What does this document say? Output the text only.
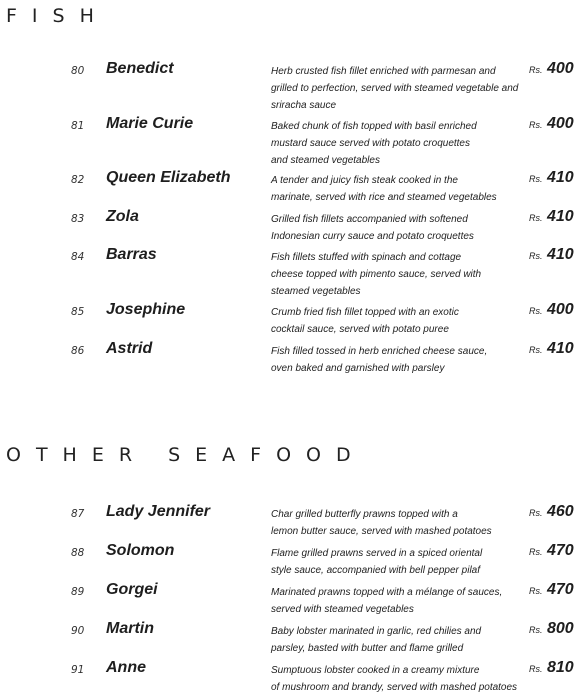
FISH
80 Benedict	Herb crusted fish fillet enriched with parmesan and
grilled to perfection, served with steamed vegetable and
sriracha sauce
Rs. 400
81 Marie Curie	Baked chunk of fish topped with basil enriched
mustard sauce served with potato croquettes
and steamed vegetables
Rs. 400
82 Queen Elizabeth	A tender and juicy fish steak cooked in the
marinate, served with rice and steamed vegetables
Rs. 410
83 Zola	Grilled fish fillets accompanied with softened
Indonesian curry sauce and potato croquettes
Rs. 410
84 Barras	Fish fillets stuffed with spinach and cottage
cheese topped with pimento sauce, served with
steamed vegetables
Rs. 410
85 Josephine	Crumb fried fish fillet topped with an exotic
cocktail sauce, served with potato puree
Rs. 400
86 Astrid	Fish filled tossed in herb enriched cheese sauce,
oven baked and garnished with parsley
Rs. 410
OTHER SEAFOOD
87 Lady Jennifer	Char grilled butterfly prawns topped with a
lemon butter sauce, served with mashed potatoes
Rs. 460
88 Solomon	Flame grilled prawns served in a spiced oriental
style sauce, accompanied with bell pepper pilaf
Rs. 470
89 Gorgei	Marinated prawns topped with a mélange of sauces,
served with steamed vegetables
Rs. 470
90 Martin	Baby lobster marinated in garlic, red chilies and
parsley, basted with butter and flame grilled
Rs. 800
91 Anne	Sumptuous lobster cooked in a creamy mixture
of mushroom and brandy, served with mashed potatoes
Rs. 810
